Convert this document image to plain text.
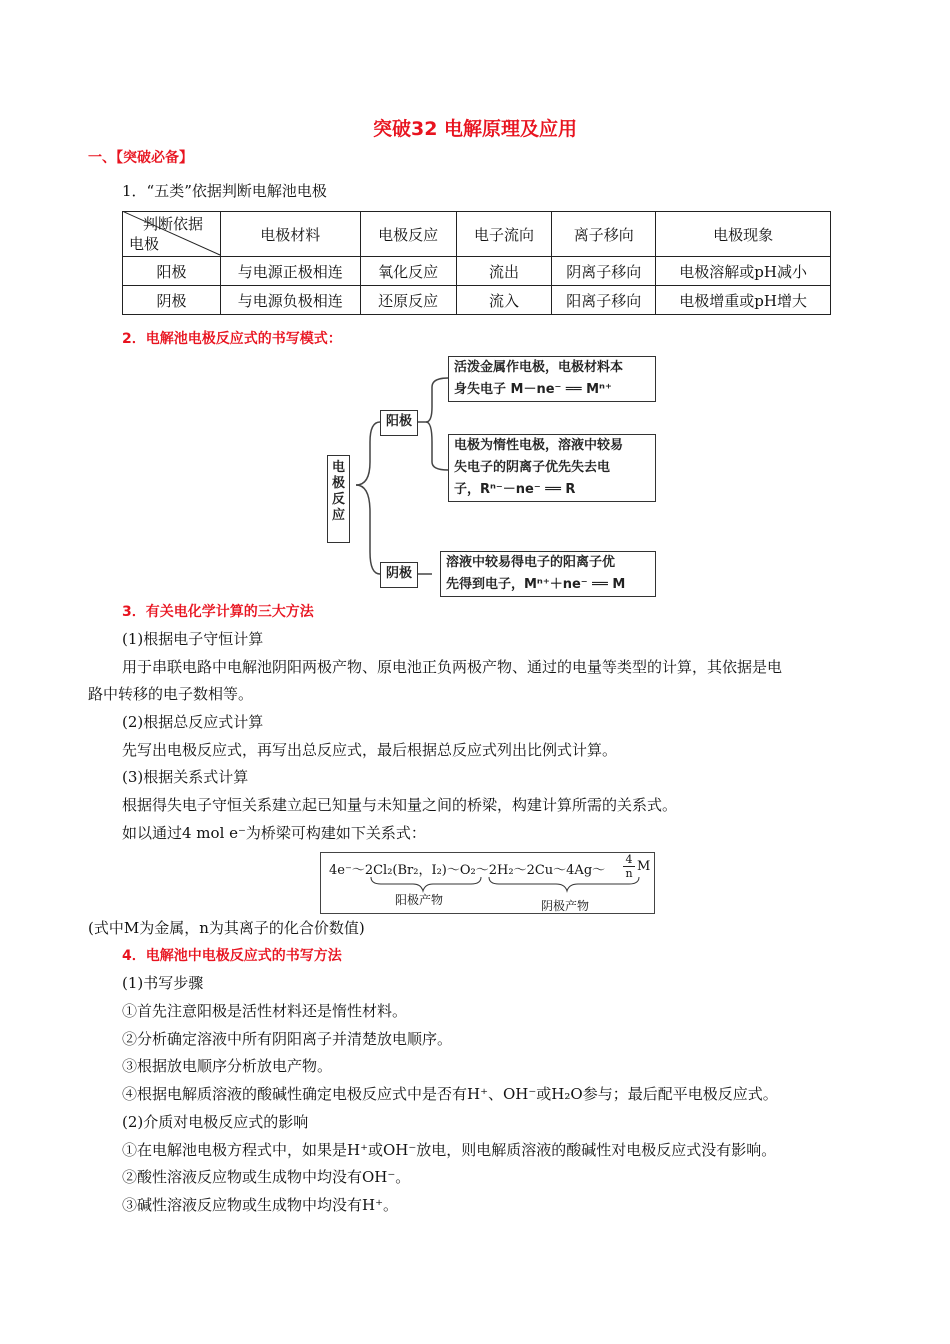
突破32 电解原理及应用
一、【突破必备】
1．“五类”依据判断电解池电极
判断依据
电极	电极材料	电极反应	电子流向	离子移向	电极现象
阳极	与电源正极相连	氧化反应	流出	阴离子移向	电极溶解或pH减小
阴极	与电源负极相连	还原反应	流入	阳离子移向	电极增重或pH增大
2．电解池电极反应式的书写模式：
电极反应
阳极
阴极
活泼金属作电极，电极材料本
身失电子 M－ne⁻ ══ Mⁿ⁺
电极为惰性电极，溶液中较易
失电子的阴离子优先失去电
子，Rⁿ⁻－ne⁻ ══ R
溶液中较易得电子的阳离子优
先得到电子，Mⁿ⁺＋ne⁻ ══ M
3．有关电化学计算的三大方法
(1)根据电子守恒计算
用于串联电路中电解池阴阳两极产物、原电池正负两极产物、通过的电量等类型的计算，其依据是电
路中转移的电子数相等。
(2)根据总反应式计算
先写出电极反应式，再写出总反应式，最后根据总反应式列出比例式计算。
(3)根据关系式计算
根据得失电子守恒关系建立起已知量与未知量之间的桥梁，构建计算所需的关系式。
如以通过4 mol e⁻为桥梁可构建如下关系式：
4e⁻～2Cl₂(Br₂，I₂)～O₂～2H₂～2Cu～4Ag～ $\frac{4}{n}$ M
阳极产物	阴极产物
(式中M为金属，n为其离子的化合价数值)
4．电解池中电极反应式的书写方法
(1)书写步骤
①首先注意阳极是活性材料还是惰性材料。
②分析确定溶液中所有阴阳离子并清楚放电顺序。
③根据放电顺序分析放电产物。
④根据电解质溶液的酸碱性确定电极反应式中是否有H⁺、OH⁻或H₂O参与；最后配平电极反应式。
(2)介质对电极反应式的影响
①在电解池电极方程式中，如果是H⁺或OH⁻放电，则电解质溶液的酸碱性对电极反应式没有影响。
②酸性溶液反应物或生成物中均没有OH⁻。
③碱性溶液反应物或生成物中均没有H⁺。
